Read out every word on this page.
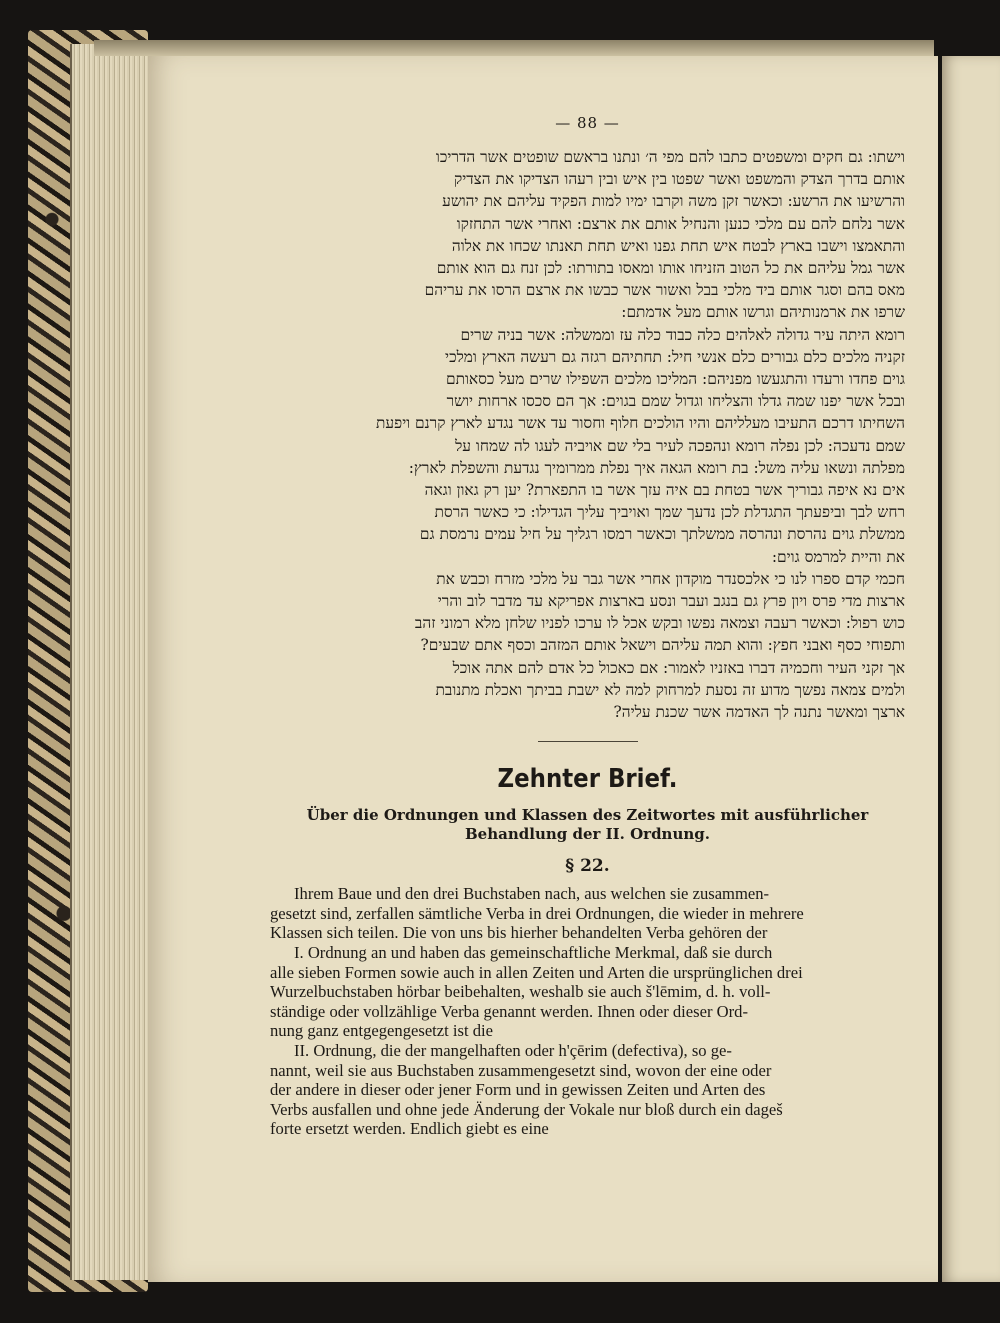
— 88 —
וישתו: גם חקים ומשפטים כתבו להם מפי ה׳ ונתנו בראשם שופטים אשר הדריכו
אותם בדרך הצדק והמשפט ואשר שפטו בין איש ובין רעהו הצדיקו את הצדיק
והרשיעו את הרשע: וכאשר זקן משה וקרבו ימיו למות הפקיד עליהם את יהושע
אשר נלחם להם עם מלכי כנען והנחיל אותם את ארצם: ואחרי אשר התחזקו
והתאמצו וישבו בארץ לבטח איש תחת גפנו ואיש תחת תאנתו שכחו את אלוה
אשר גמל עליהם את כל הטוב הזניחו אותו ומאסו בתורתו: לכן זנח גם הוא אותם
מאס בהם וסגר אותם ביד מלכי בבל ואשור אשר כבשו את ארצם הרסו את עריהם
שרפו את ארמנותיהם וגרשו אותם מעל אדמתם:
רומא היתה עיר גדולה לאלהים כלה כבוד כלה עז וממשלה: אשר בניה שרים
זקניה מלכים כלם גבורים כלם אנשי חיל: תחתיהם רגזה גם רעשה הארץ ומלכי
גוים פחדו ורעדו והתגעשו מפניהם: המליכו מלכים השפילו שרים מעל כסאותם
ובכל אשר יפנו שמה גדלו והצליחו וגדול שמם בגוים: אך הם סכסו ארחות יושר
השחיתו דרכם התעיבו מעלליהם והיו הולכים חלוף וחסור עד אשר נגדע לארץ קרנם ויפעת
שמם נדעכה: לכן נפלה רומא ונהפכה לעיר בלי שם אויביה לעגו לה שמחו על
מפלתה ונשאו עליה משל: בת רומא הגאה איך נפלת ממרומיך נגדעת והשפלת לארץ:
אים נא איפה גבוריך אשר בטחת בם איה עזך אשר בו התפארת? יען רק גאון וגאה
רחש לבך וביפעתך התגדלת לכן נדעך שמך ואויביך עליך הגדילו: כי כאשר הרסת
ממשלת גוים נהרסת ונהרסה ממשלתך וכאשר רמסו רגליך על חיל עמים נרמסת גם
את והיית למרמס גוים:
חכמי קדם ספרו לנו כי אלכסנדר מוקדון אחרי אשר גבר על מלכי מזרח וכבש את
ארצות מדי פרס ויון פרץ גם בנגב ועבר ונסע בארצות אפריקא עד מדבר לוב והרי
כוש רפול: וכאשר רעבה וצמאה נפשו ובקש אכל לו ערכו לפניו שלחן מלא רמוני זהב
ותפוחי כסף ואבני חפץ: והוא תמה עליהם וישאל אותם המזהב וכסף אתם שבעים?
אך זקני העיר וחכמיה דברו באזניו לאמור: אם כאכול כל אדם להם אתה אוכל
ולמים צמאה נפשך מדוע זה נסעת למרחוק למה לא ישבת בביתך ואכלת מתנובת
ארצך ומאשר נתנה לך האדמה אשר שכנת עליה?
Zehnter Brief.
Über die Ordnungen und Klassen des Zeitwortes mit ausführlicher
Behandlung der II. Ordnung.
§ 22.

Ihrem Baue und den drei Buchstaben nach, aus welchen sie zusammen-
gesetzt sind, zerfallen sämtliche Verba in drei Ordnungen, die wieder in mehrere
Klassen sich teilen. Die von uns bis hierher behandelten Verba gehören der

I. Ordnung an und haben das gemeinschaftliche Merkmal, daß sie durch
alle sieben Formen sowie auch in allen Zeiten und Arten die ursprünglichen drei
Wurzelbuchstaben hörbar beibehalten, weshalb sie auch š'lēmim, d. h. voll-
ständige oder vollzählige Verba genannt werden. Ihnen oder dieser Ord-
nung ganz entgegengesetzt ist die

II. Ordnung, die der mangelhaften oder h'çērim (defectiva), so ge-
nannt, weil sie aus Buchstaben zusammengesetzt sind, wovon der eine oder
der andere in dieser oder jener Form und in gewissen Zeiten und Arten des
Verbs ausfallen und ohne jede Änderung der Vokale nur bloß durch ein dageš
forte ersetzt werden. Endlich giebt es eine
